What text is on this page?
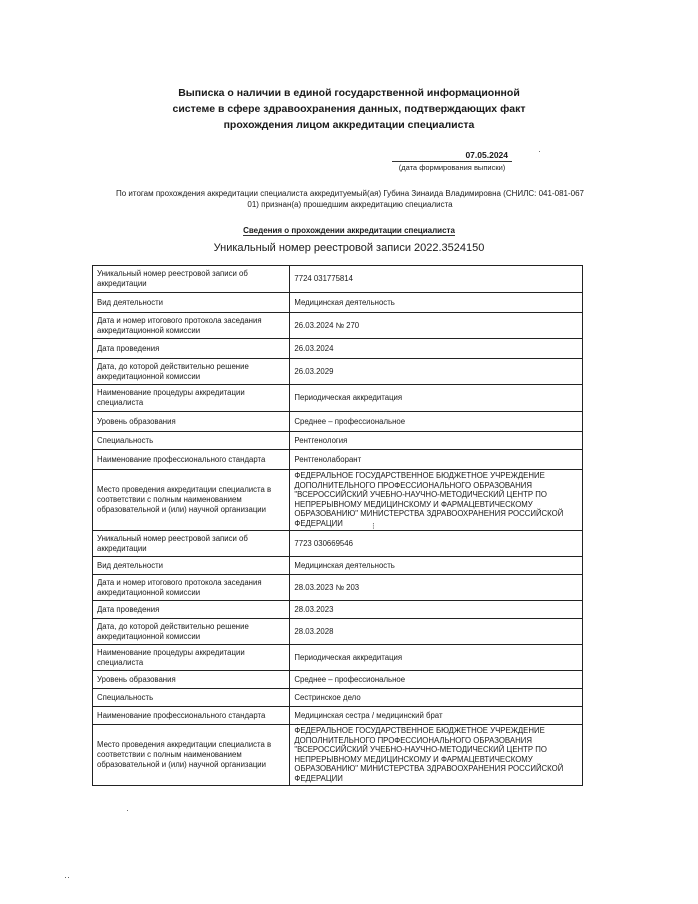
Выписка о наличии в единой государственной информационной
системе в сфере здравоохранения данных, подтверждающих факт
прохождения лицом аккредитации специалиста
07.05.2024
(дата формирования выписки)
По итогам прохождения аккредитации специалиста аккредитуемый(ая) Губина Зинаида Владимировна (СНИЛС: 041-081-067
01) признан(а) прошедшим аккредитацию специалиста
Сведения о прохождении аккредитации специалиста
Уникальный номер реестровой записи 2022.3524150
Уникальный номер реестровой записи об аккредитации	7724 031775814
Вид деятельности	Медицинская деятельность
Дата и номер итогового протокола заседания аккредитационной комиссии	26.03.2024 № 270
Дата проведения	26.03.2024
Дата, до которой действительно решение аккредитационной комиссии	26.03.2029
Наименование процедуры аккредитации специалиста	Периодическая аккредитация
Уровень образования	Среднее – профессиональное
Специальность	Рентгенология
Наименование профессионального стандарта	Рентгенолаборант
Место проведения аккредитации специалиста в соответствии с полным наименованием образовательной и (или) научной организации	ФЕДЕРАЛЬНОЕ ГОСУДАРСТВЕННОЕ БЮДЖЕТНОЕ УЧРЕЖДЕНИЕ ДОПОЛНИТЕЛЬНОГО ПРОФЕССИОНАЛЬНОГО ОБРАЗОВАНИЯ "ВСЕРОССИЙСКИЙ УЧЕБНО-НАУЧНО-МЕТОДИЧЕСКИЙ ЦЕНТР ПО НЕПРЕРЫВНОМУ МЕДИЦИНСКОМУ И ФАРМАЦЕВТИЧЕСКОМУ ОБРАЗОВАНИЮ" МИНИСТЕРСТВА ЗДРАВООХРАНЕНИЯ РОССИЙСКОЙ ФЕДЕРАЦИИ
Уникальный номер реестровой записи об аккредитации	7723 030669546
Вид деятельности	Медицинская деятельность
Дата и номер итогового протокола заседания аккредитационной комиссии	28.03.2023 № 203
Дата проведения	28.03.2023
Дата, до которой действительно решение аккредитационной комиссии	28.03.2028
Наименование процедуры аккредитации специалиста	Периодическая аккредитация
Уровень образования	Среднее – профессиональное
Специальность	Сестринское дело
Наименование профессионального стандарта	Медицинская сестра / медицинский брат
Место проведения аккредитации специалиста в соответствии с полным наименованием образовательной и (или) научной организации	ФЕДЕРАЛЬНОЕ ГОСУДАРСТВЕННОЕ БЮДЖЕТНОЕ УЧРЕЖДЕНИЕ ДОПОЛНИТЕЛЬНОГО ПРОФЕССИОНАЛЬНОГО ОБРАЗОВАНИЯ "ВСЕРОССИЙСКИЙ УЧЕБНО-НАУЧНО-МЕТОДИЧЕСКИЙ ЦЕНТР ПО НЕПРЕРЫВНОМУ МЕДИЦИНСКОМУ И ФАРМАЦЕВТИЧЕСКОМУ ОБРАЗОВАНИЮ" МИНИСТЕРСТВА ЗДРАВООХРАНЕНИЯ РОССИЙСКОЙ ФЕДЕРАЦИИ
·
⁝
·
‥
